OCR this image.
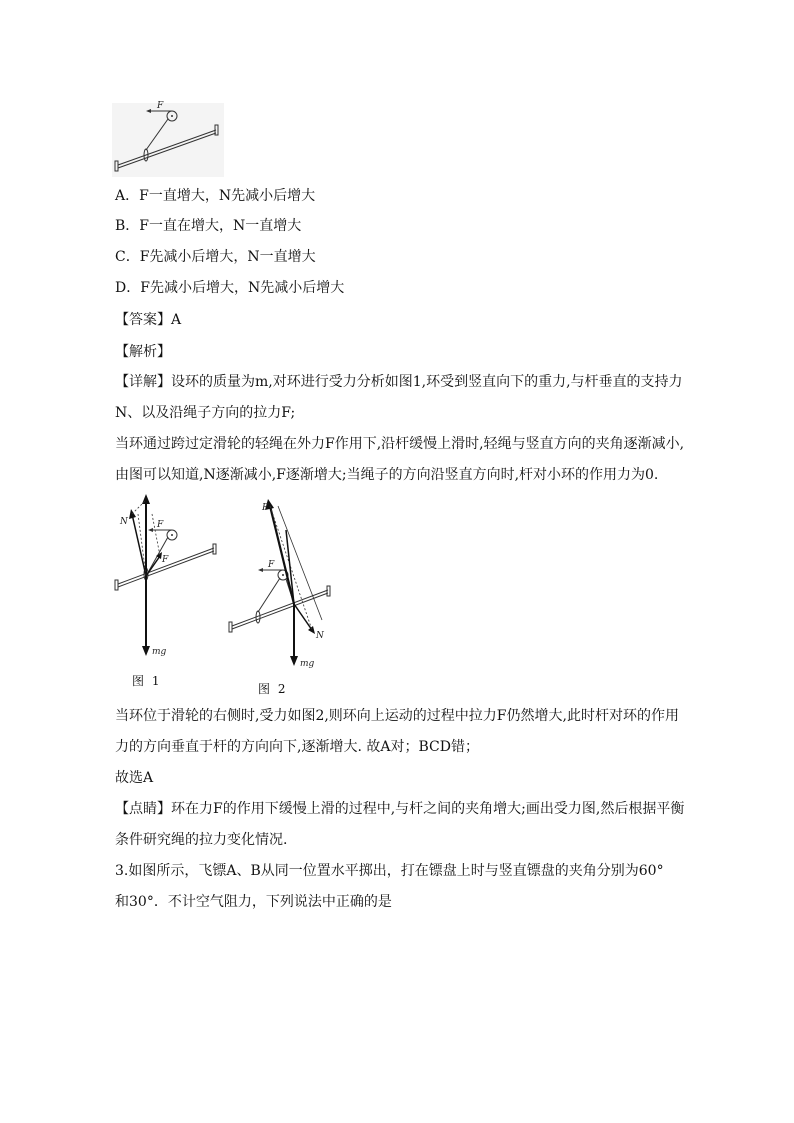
F
A．F一直增大，N先减小后增大
B．F一直在增大，N一直增大
C．F先减小后增大，N一直增大
D．F先减小后增大，N先减小后增大
【答案】A
【解析】
【详解】设环的质量为m,对环进行受力分析如图1,环受到竖直向下的重力,与杆垂直的支持力
N、以及沿绳子方向的拉力F;
当环通过跨过定滑轮的轻绳在外力F作用下,沿杆缓慢上滑时,轻绳与竖直方向的夹角逐渐减小,
由图可以知道,N逐渐减小,F逐渐增大;当绳子的方向沿竖直方向时,杆对小环的作用力为0.
F
mg
N
F
图 1
F
mg
F
N
图 2
当环位于滑轮的右侧时,受力如图2,则环向上运动的过程中拉力F仍然增大,此时杆对环的作用
力的方向垂直于杆的方向向下,逐渐增大. 故A对；BCD错；
故选A
【点睛】环在力F的作用下缓慢上滑的过程中,与杆之间的夹角增大;画出受力图,然后根据平衡
条件研究绳的拉力变化情况.
3.如图所示，飞镖A、B从同一位置水平掷出，打在镖盘上时与竖直镖盘的夹角分别为60°
和30°．不计空气阻力，下列说法中正确的是
